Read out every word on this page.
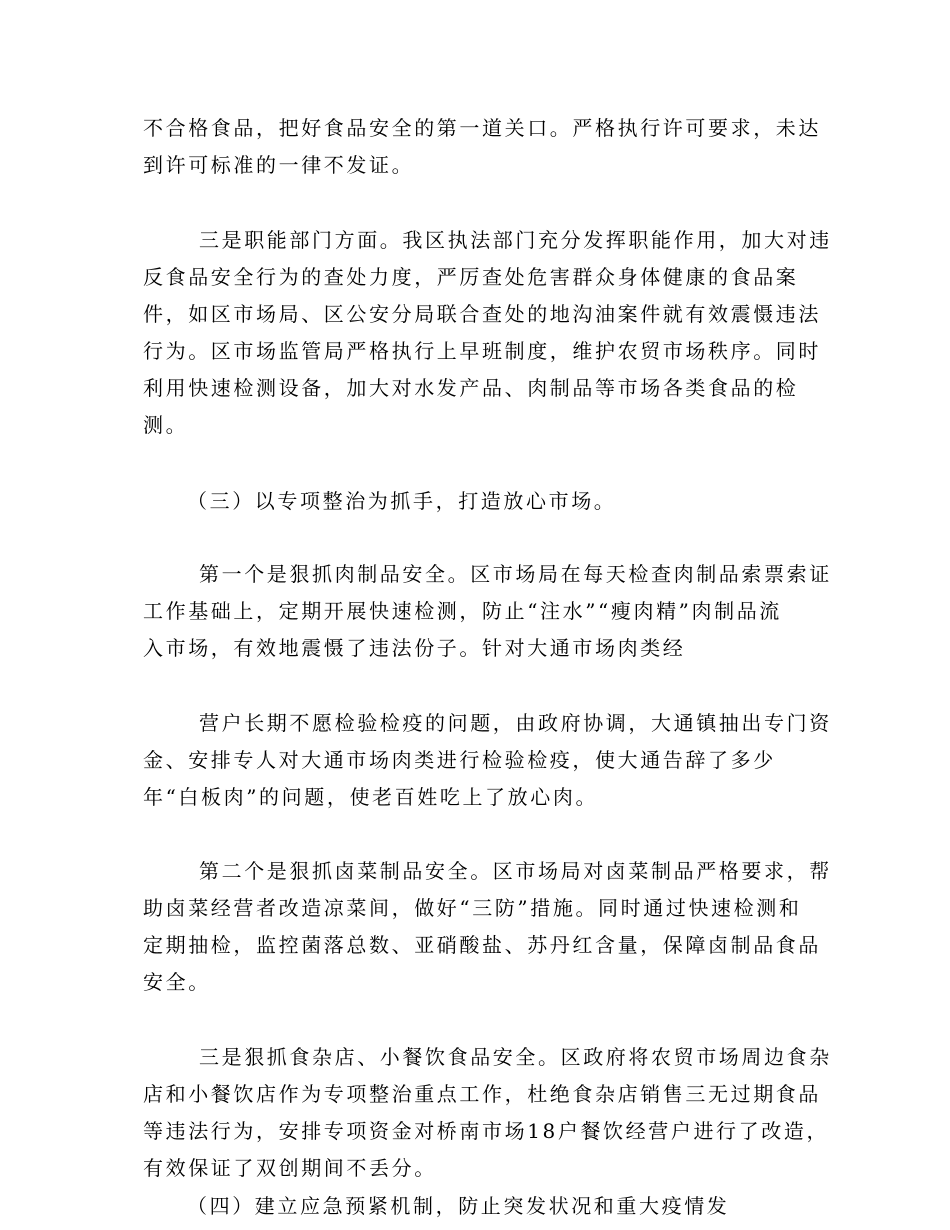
不合格食品，把好食品安全的第一道关口。严格执行许可要求，未达
到许可标准的一律不发证。
三是职能部门方面。我区执法部门充分发挥职能作用，加大对违
反食品安全行为的查处力度，严厉查处危害群众身体健康的食品案
件，如区市场局、区公安分局联合查处的地沟油案件就有效震慑违法
行为。区市场监管局严格执行上早班制度，维护农贸市场秩序。同时
利用快速检测设备，加大对水发产品、肉制品等市场各类食品的检
测。
（三）以专项整治为抓手，打造放心市场。
第一个是狠抓肉制品安全。区市场局在每天检查肉制品索票索证
工作基础上，定期开展快速检测，防止“注水”“瘦肉精”肉制品流
入市场，有效地震慑了违法份子。针对大通市场肉类经
营户长期不愿检验检疫的问题，由政府协调，大通镇抽出专门资
金、安排专人对大通市场肉类进行检验检疫，使大通告辞了多少
年“白板肉”的问题，使老百姓吃上了放心肉。
第二个是狠抓卤菜制品安全。区市场局对卤菜制品严格要求，帮
助卤菜经营者改造凉菜间，做好“三防”措施。同时通过快速检测和
定期抽检，监控菌落总数、亚硝酸盐、苏丹红含量，保障卤制品食品
安全。
三是狠抓食杂店、小餐饮食品安全。区政府将农贸市场周边食杂
店和小餐饮店作为专项整治重点工作，杜绝食杂店销售三无过期食品
等违法行为，安排专项资金对桥南市场18户餐饮经营户进行了改造，
有效保证了双创期间不丢分。
（四）建立应急预紧机制，防止突发状况和重大疫情发
